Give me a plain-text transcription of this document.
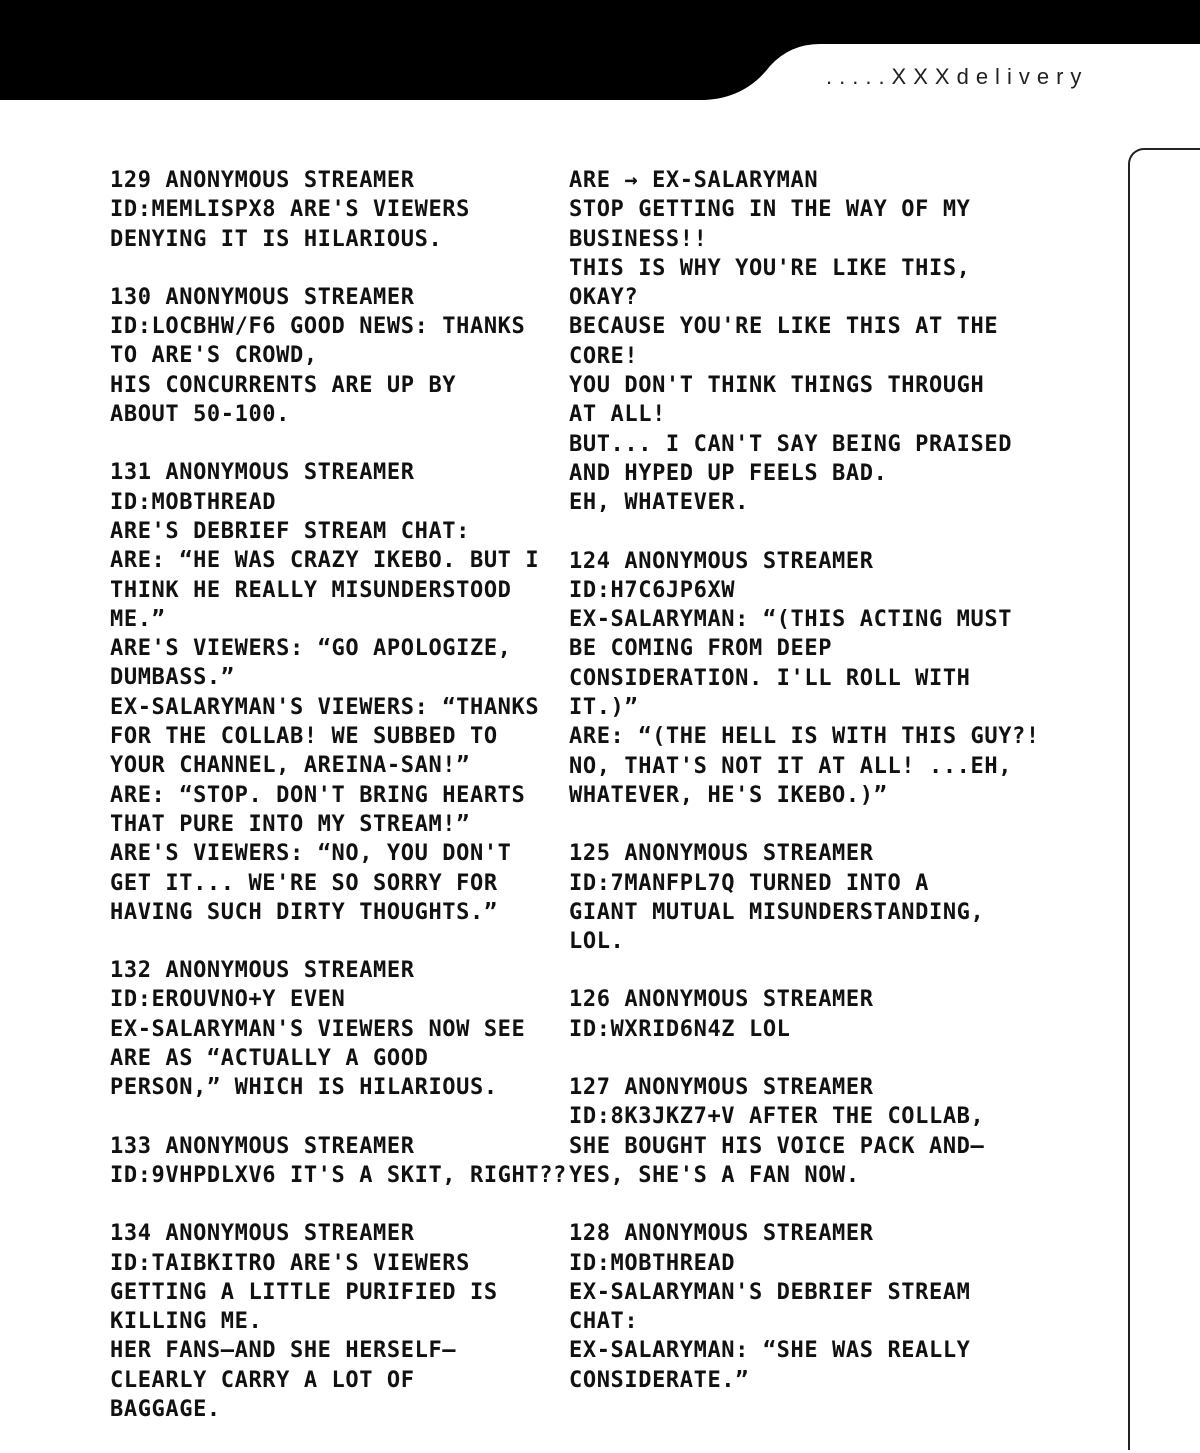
.....XXXdelivery
129 ANONYMOUS STREAMER
ID:MEMLISPX8 ARE'S VIEWERS
DENYING IT IS HILARIOUS.
130 ANONYMOUS STREAMER
ID:LOCBHW/F6 GOOD NEWS: THANKS
TO ARE'S CROWD,
HIS CONCURRENTS ARE UP BY
ABOUT 50-100.
131 ANONYMOUS STREAMER
ID:MOBTHREAD
ARE'S DEBRIEF STREAM CHAT:
ARE: “HE WAS CRAZY IKEBO. BUT I
THINK HE REALLY MISUNDERSTOOD
ME.”
ARE'S VIEWERS: “GO APOLOGIZE,
DUMBASS.”
EX-SALARYMAN'S VIEWERS: “THANKS
FOR THE COLLAB! WE SUBBED TO
YOUR CHANNEL, AREINA-SAN!”
ARE: “STOP. DON'T BRING HEARTS
THAT PURE INTO MY STREAM!”
ARE'S VIEWERS: “NO, YOU DON'T
GET IT... WE'RE SO SORRY FOR
HAVING SUCH DIRTY THOUGHTS.”
132 ANONYMOUS STREAMER
ID:EROUVNO+Y EVEN
EX-SALARYMAN'S VIEWERS NOW SEE
ARE AS “ACTUALLY A GOOD
PERSON,” WHICH IS HILARIOUS.
133 ANONYMOUS STREAMER
ID:9VHPDLXV6 IT'S A SKIT, RIGHT??
134 ANONYMOUS STREAMER
ID:TAIBKITRO ARE'S VIEWERS
GETTING A LITTLE PURIFIED IS
KILLING ME.
HER FANS—AND SHE HERSELF—
CLEARLY CARRY A LOT OF
BAGGAGE.
ARE → EX-SALARYMAN
STOP GETTING IN THE WAY OF MY
BUSINESS!!
THIS IS WHY YOU'RE LIKE THIS,
OKAY?
BECAUSE YOU'RE LIKE THIS AT THE
CORE!
YOU DON'T THINK THINGS THROUGH
AT ALL!
BUT... I CAN'T SAY BEING PRAISED
AND HYPED UP FEELS BAD.
EH, WHATEVER.
124 ANONYMOUS STREAMER
ID:H7C6JP6XW
EX-SALARYMAN: “(THIS ACTING MUST
BE COMING FROM DEEP
CONSIDERATION. I'LL ROLL WITH
IT.)”
ARE: “(THE HELL IS WITH THIS GUY?!
NO, THAT'S NOT IT AT ALL! ...EH,
WHATEVER, HE'S IKEBO.)”
125 ANONYMOUS STREAMER
ID:7MANFPL7Q TURNED INTO A
GIANT MUTUAL MISUNDERSTANDING,
LOL.
126 ANONYMOUS STREAMER
ID:WXRID6N4Z LOL
127 ANONYMOUS STREAMER
ID:8K3JKZ7+V AFTER THE COLLAB,
SHE BOUGHT HIS VOICE PACK AND—
YES, SHE'S A FAN NOW.
128 ANONYMOUS STREAMER
ID:MOBTHREAD
EX-SALARYMAN'S DEBRIEF STREAM
CHAT:
EX-SALARYMAN: “SHE WAS REALLY
CONSIDERATE.”
